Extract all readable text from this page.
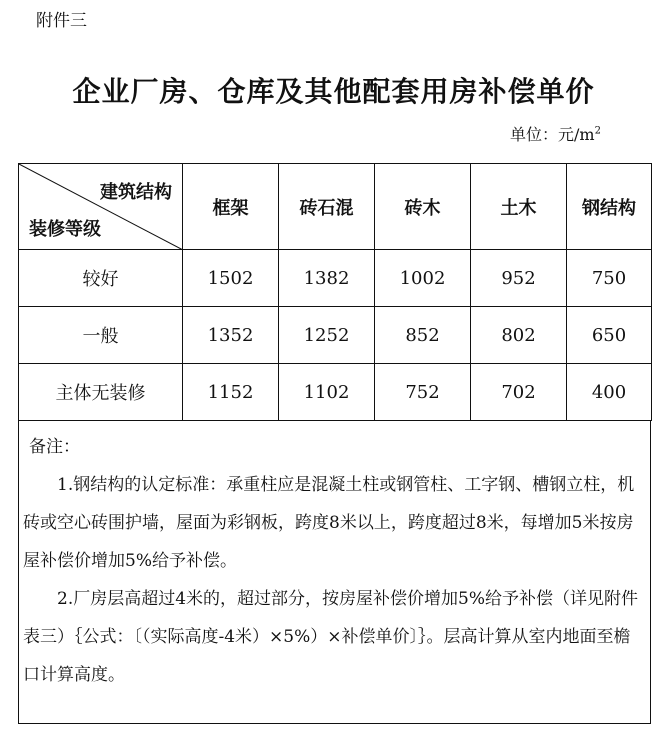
附件三
企业厂房、仓库及其他配套用房补偿单价
单位：元$/m^2$
建筑结构
装修等级	框架	砖石混	砖木	土木	钢结构
较好	1502	1382	1002	952	750
一般	1352	1252	852	802	650
主体无装修	1152	1102	752	702	400
备注：
1.钢结构的认定标准：承重柱应是混凝土柱或钢管柱、工字钢、槽钢立柱，机砖或空心砖围护墙，屋面为彩钢板，跨度8米以上，跨度超过8米，每增加5米按房屋补偿价增加5%给予补偿。
2.厂房层高超过4米的，超过部分，按房屋补偿价增加5%给予补偿（详见附件表三）｛公式：〔（实际高度-4米）×5%）×补偿单价〕｝。层高计算从室内地面至檐口计算高度。
